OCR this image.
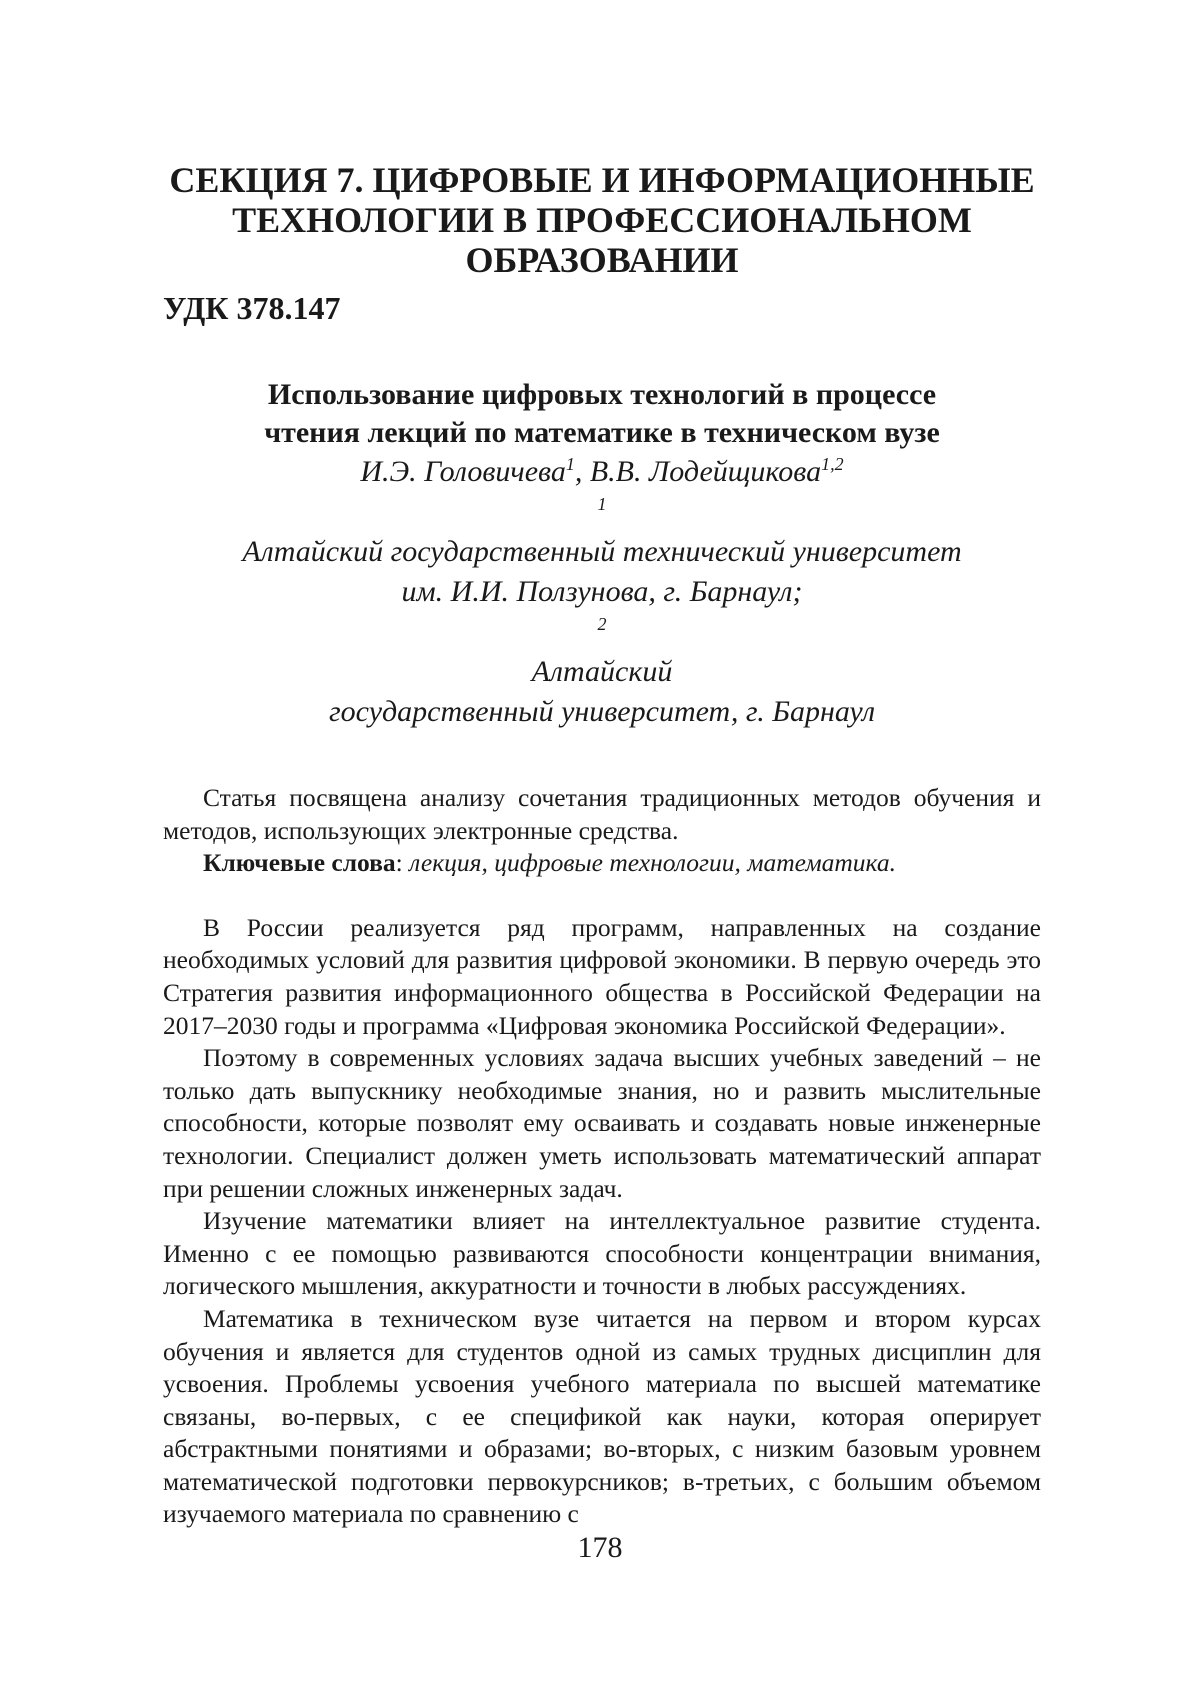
СЕКЦИЯ 7. ЦИФРОВЫЕ И ИНФОРМАЦИОННЫЕ
ТЕХНОЛОГИИ В ПРОФЕССИОНАЛЬНОМ
ОБРАЗОВАНИИ
УДК 378.147
Использование цифровых технологий в процессе
чтения лекций по математике в техническом вузе
И.Э. Головичева$^1$, В.В. Лодейщикова$^{1,2}$
$^1$
Алтайский государственный технический университет
им. И.И. Ползунова, г. Барнаул;
$^2$
Алтайский
государственный университет, г. Барнаул

Статья посвящена анализу сочетания традиционных методов обучения и методов, использующих электронные средства.

Ключевые слова: лекция, цифровые технологии, математика.

В России реализуется ряд программ, направленных на создание необходимых условий для развития цифровой экономики. В первую очередь это Стратегия развития информационного общества в Российской Федерации на 2017–2030 годы и программа «Цифровая экономика Российской Федерации».

Поэтому в современных условиях задача высших учебных заведений – не только дать выпускнику необходимые знания, но и развить мыслительные способности, которые позволят ему осваивать и создавать новые инженерные технологии. Специалист должен уметь использовать математический аппарат при решении сложных инженерных задач.

Изучение математики влияет на интеллектуальное развитие студента. Именно с ее помощью развиваются способности концентрации внимания, логического мышления, аккуратности и точности в любых рассуждениях.

Математика в техническом вузе читается на первом и втором курсах обучения и является для студентов одной из самых трудных дисциплин для усвоения. Проблемы усвоения учебного материала по высшей математике связаны, во-первых, с ее спецификой как науки, которая оперирует абстрактными понятиями и образами; во-вторых, с низким базовым уровнем математической подготовки первокурсников; в-третьих, с большим объемом изучаемого материала по сравнению с

178
